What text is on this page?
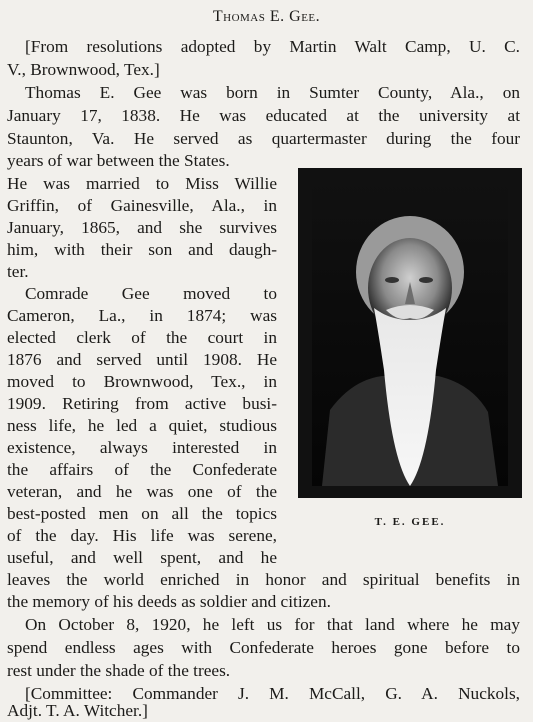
Thomas E. Gee.
[From resolutions adopted by Martin Walt Camp, U. C.
V., Brownwood, Tex.]
Thomas E. Gee was born in Sumter County, Ala., on
January 17, 1838. He was educated at the university at
Staunton, Va. He served as quartermaster during the four
years of war between the States.
He was married to Miss Willie
Griffin, of Gainesville, Ala., in
January, 1865, and she survives
him, with their son and daugh-
ter.
Comrade Gee moved to
Cameron, La., in 1874; was
elected clerk of the court in
1876 and served until 1908. He
moved to Brownwood, Tex., in
1909. Retiring from active busi-
ness life, he led a quiet, studious
existence, always interested in
the affairs of the Confederate
veteran, and he was one of the
best-posted men on all the topics
of the day. His life was serene,
useful, and well spent, and he
leaves the world enriched in honor and spiritual benefits in
the memory of his deeds as soldier and citizen.
On October 8, 1920, he left us for that land where he may
spend endless ages with Confederate heroes gone before to
rest under the shade of the trees.
[Committee: Commander J. M. McCall, G. A. Nuckols,
Adjt. T. A. Witcher.]
T. E. GEE.
